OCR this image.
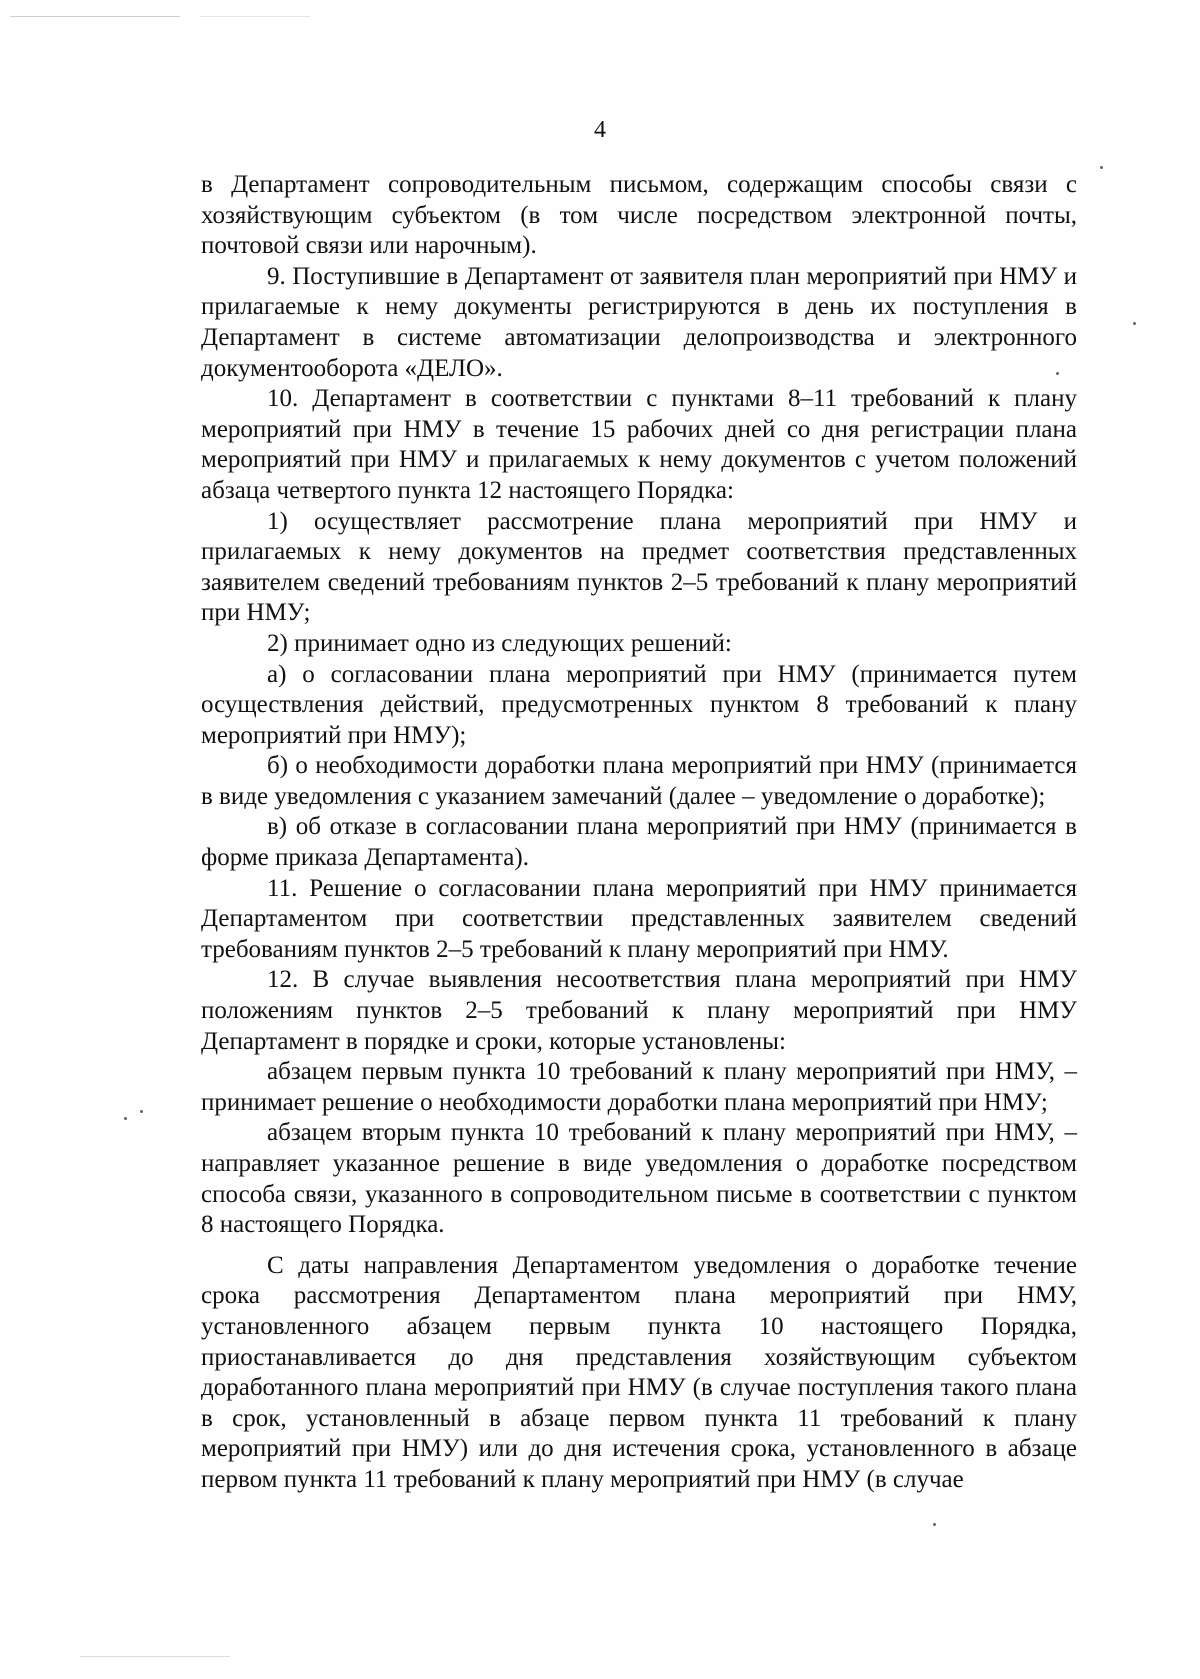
4

в Департамент сопроводительным письмом, содержащим способы связи с хозяйствующим субъектом (в том числе посредством электронной почты, почтовой связи или нарочным).

9. Поступившие в Департамент от заявителя план мероприятий при НМУ и прилагаемые к нему документы регистрируются в день их поступления в Департамент в системе автоматизации делопроизводства и электронного документооборота «ДЕЛО».

10. Департамент в соответствии с пунктами 8–11 требований к плану мероприятий при НМУ в течение 15 рабочих дней со дня регистрации плана мероприятий при НМУ и прилагаемых к нему документов с учетом положений абзаца четвертого пункта 12 настоящего Порядка:

1) осуществляет рассмотрение плана мероприятий при НМУ и прилагаемых к нему документов на предмет соответствия представленных заявителем сведений требованиям пунктов 2–5 требований к плану мероприятий при НМУ;

2) принимает одно из следующих решений:

а) о согласовании плана мероприятий при НМУ (принимается путем осуществления действий, предусмотренных пунктом 8 требований к плану мероприятий при НМУ);

б) о необходимости доработки плана мероприятий при НМУ (принимается в виде уведомления с указанием замечаний (далее – уведомление о доработке);

в) об отказе в согласовании плана мероприятий при НМУ (принимается в форме приказа Департамента).

11. Решение о согласовании плана мероприятий при НМУ принимается Департаментом при соответствии представленных заявителем сведений требованиям пунктов 2–5 требований к плану мероприятий при НМУ.

12. В случае выявления несоответствия плана мероприятий при НМУ положениям пунктов 2–5 требований к плану мероприятий при НМУ Департамент в порядке и сроки, которые установлены:

абзацем первым пункта 10 требований к плану мероприятий при НМУ, – принимает решение о необходимости доработки плана мероприятий при НМУ;

абзацем вторым пункта 10 требований к плану мероприятий при НМУ, – направляет указанное решение в виде уведомления о доработке посредством способа связи, указанного в сопроводительном письме в соответствии с пунктом 8 настоящего Порядка.

С даты направления Департаментом уведомления о доработке течение срока рассмотрения Департаментом плана мероприятий при НМУ, установленного абзацем первым пункта 10 настоящего Порядка, приостанавливается до дня представления хозяйствующим субъектом доработанного плана мероприятий при НМУ (в случае поступления такого плана в срок, установленный в абзаце первом пункта 11 требований к плану мероприятий при НМУ) или до дня истечения срока, установленного в абзаце первом пункта 11 требований к плану мероприятий при НМУ (в случае
